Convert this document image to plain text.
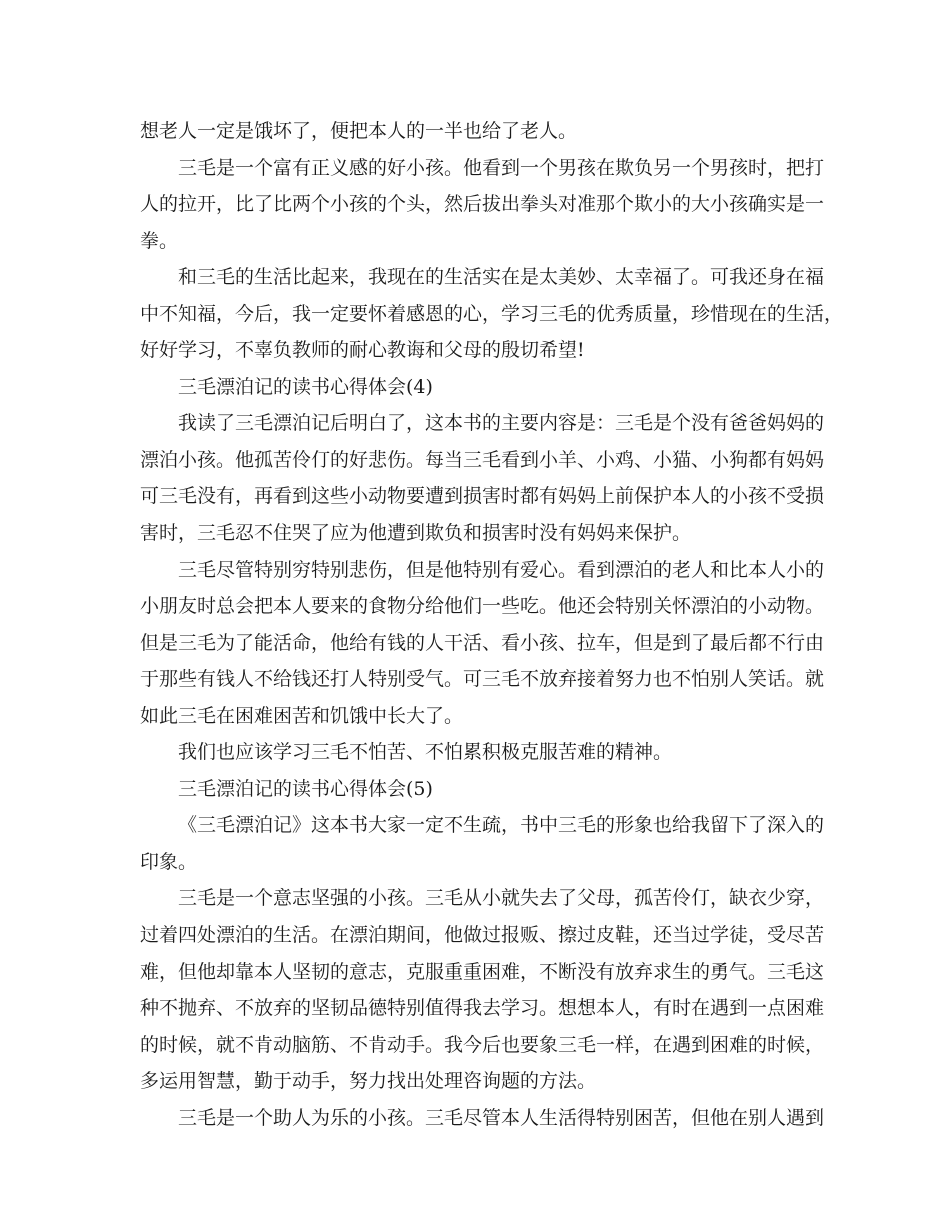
想老人一定是饿坏了，便把本人的一半也给了老人。
三毛是一个富有正义感的好小孩。他看到一个男孩在欺负另一个男孩时，把打
人的拉开，比了比两个小孩的个头，然后拔出拳头对准那个欺小的大小孩确实是一
拳。
和三毛的生活比起来，我现在的生活实在是太美妙、太幸福了。可我还身在福
中不知福，今后，我一定要怀着感恩的心，学习三毛的优秀质量，珍惜现在的生活，
好好学习，不辜负教师的耐心教诲和父母的殷切希望!
三毛漂泊记的读书心得体会(4)
我读了三毛漂泊记后明白了，这本书的主要内容是：三毛是个没有爸爸妈妈的
漂泊小孩。他孤苦伶仃的好悲伤。每当三毛看到小羊、小鸡、小猫、小狗都有妈妈
可三毛没有，再看到这些小动物要遭到损害时都有妈妈上前保护本人的小孩不受损
害时，三毛忍不住哭了应为他遭到欺负和损害时没有妈妈来保护。
三毛尽管特别穷特别悲伤，但是他特别有爱心。看到漂泊的老人和比本人小的
小朋友时总会把本人要来的食物分给他们一些吃。他还会特别关怀漂泊的小动物。
但是三毛为了能活命，他给有钱的人干活、看小孩、拉车，但是到了最后都不行由
于那些有钱人不给钱还打人特别受气。可三毛不放弃接着努力也不怕别人笑话。就
如此三毛在困难困苦和饥饿中长大了。
我们也应该学习三毛不怕苦、不怕累积极克服苦难的精神。
三毛漂泊记的读书心得体会(5)
《三毛漂泊记》这本书大家一定不生疏，书中三毛的形象也给我留下了深入的
印象。
三毛是一个意志坚强的小孩。三毛从小就失去了父母，孤苦伶仃，缺衣少穿，
过着四处漂泊的生活。在漂泊期间，他做过报贩、擦过皮鞋，还当过学徒，受尽苦
难，但他却靠本人坚韧的意志，克服重重困难，不断没有放弃求生的勇气。三毛这
种不抛弃、不放弃的坚韧品德特别值得我去学习。想想本人，有时在遇到一点困难
的时候，就不肯动脑筋、不肯动手。我今后也要象三毛一样，在遇到困难的时候，
多运用智慧，勤于动手，努力找出处理咨询题的方法。
三毛是一个助人为乐的小孩。三毛尽管本人生活得特别困苦，但他在别人遇到
